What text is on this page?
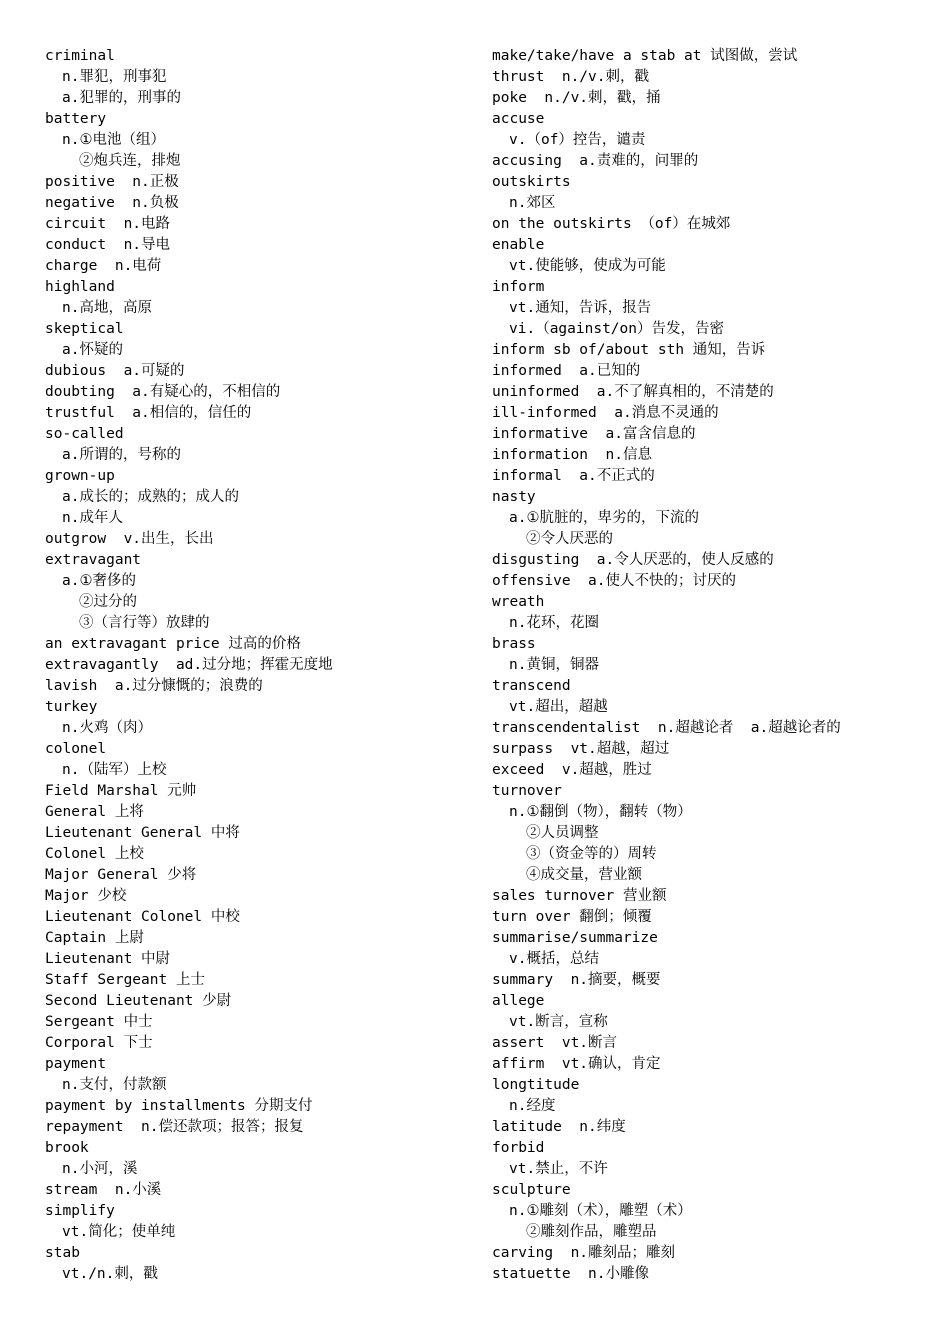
criminal
n.罪犯，刑事犯
a.犯罪的，刑事的
battery
n.①电池（组）
②炮兵连，排炮
positive  n.正极
negative  n.负极
circuit  n.电路
conduct  n.导电
charge  n.电荷
highland
n.高地，高原
skeptical
a.怀疑的
dubious  a.可疑的
doubting  a.有疑心的，不相信的
trustful  a.相信的，信任的
so-called
a.所谓的，号称的
grown-up
a.成长的；成熟的；成人的
n.成年人
outgrow  v.出生，长出
extravagant
a.①奢侈的
②过分的
③（言行等）放肆的
an extravagant price 过高的价格
extravagantly  ad.过分地；挥霍无度地
lavish  a.过分慷慨的；浪费的
turkey
n.火鸡（肉）
colonel
n.（陆军）上校
Field Marshal 元帅
General 上将
Lieutenant General 中将
Colonel 上校
Major General 少将
Major 少校
Lieutenant Colonel 中校
Captain 上尉
Lieutenant 中尉
Staff Sergeant 上士
Second Lieutenant 少尉
Sergeant 中士
Corporal 下士
payment
n.支付，付款额
payment by installments 分期支付
repayment  n.偿还款项；报答；报复
brook
n.小河，溪
stream  n.小溪
simplify
vt.简化；使单纯
stab
vt./n.刺，戳
make/take/have a stab at 试图做，尝试
thrust  n./v.刺，戳
poke  n./v.刺，戳，捅
accuse
v.（of）控告，谴责
accusing  a.责难的，问罪的
outskirts
n.郊区
on the outskirts （of）在城郊
enable
vt.使能够，使成为可能
inform
vt.通知，告诉，报告
vi.（against/on）告发，告密
inform sb of/about sth 通知，告诉
informed  a.已知的
uninformed  a.不了解真相的，不清楚的
ill-informed  a.消息不灵通的
informative  a.富含信息的
information  n.信息
informal  a.不正式的
nasty
a.①肮脏的，卑劣的，下流的
②令人厌恶的
disgusting  a.令人厌恶的，使人反感的
offensive  a.使人不快的；讨厌的
wreath
n.花环，花圈
brass
n.黄铜，铜器
transcend
vt.超出，超越
transcendentalist  n.超越论者  a.超越论者的
surpass  vt.超越，超过
exceed  v.超越，胜过
turnover
n.①翻倒（物），翻转（物）
②人员调整
③（资金等的）周转
④成交量，营业额
sales turnover 营业额
turn over 翻倒；倾覆
summarise/summarize
v.概括，总结
summary  n.摘要，概要
allege
vt.断言，宣称
assert  vt.断言
affirm  vt.确认，肯定
longtitude
n.经度
latitude  n.纬度
forbid
vt.禁止，不许
sculpture
n.①雕刻（术），雕塑（术）
②雕刻作品，雕塑品
carving  n.雕刻品；雕刻
statuette  n.小雕像
